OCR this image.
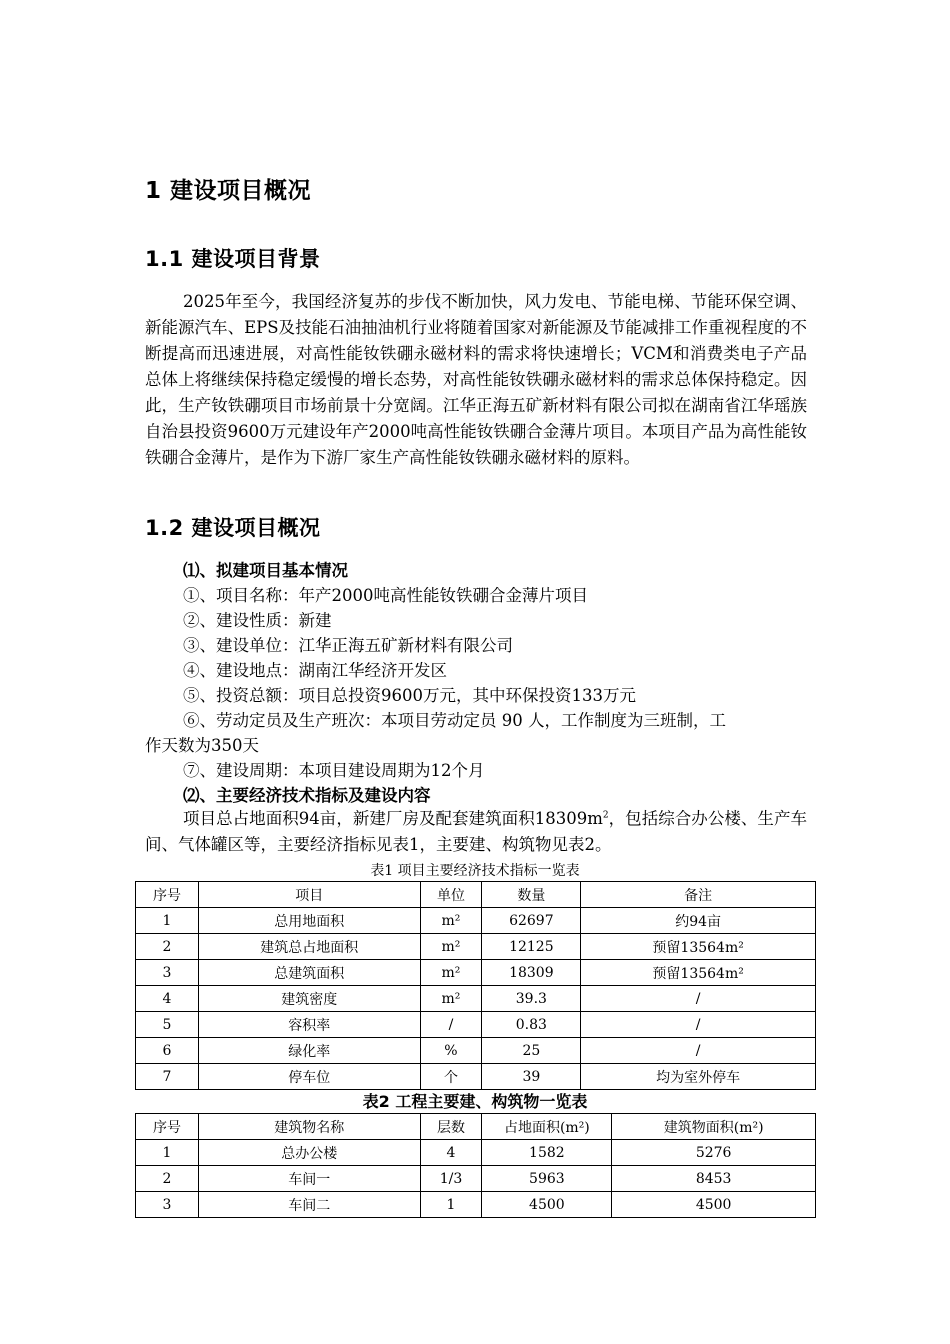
1 建设项目概况
1.1 建设项目背景

2025年至今，我国经济复苏的步伐不断加快，风力发电、节能电梯、节能环保空调、新能源汽车、EPS及技能石油抽油机行业将随着国家对新能源及节能减排工作重视程度的不断提高而迅速进展，对高性能钕铁硼永磁材料的需求将快速增长；VCM和消费类电子产品总体上将继续保持稳定缓慢的增长态势，对高性能钕铁硼永磁材料的需求总体保持稳定。因此，生产钕铁硼项目市场前景十分宽阔。江华正海五矿新材料有限公司拟在湖南省江华瑶族自治县投资9600万元建设年产2000吨高性能钕铁硼合金薄片项目。本项目产品为高性能钕铁硼合金薄片，是作为下游厂家生产高性能钕铁硼永磁材料的原料。

1.2 建设项目概况
⑴、拟建项目基本情况
①、项目名称：年产2000吨高性能钕铁硼合金薄片项目
②、建设性质：新建
③、建设单位：江华正海五矿新材料有限公司
④、建设地点：湖南江华经济开发区
⑤、投资总额：项目总投资9600万元，其中环保投资133万元
⑥、劳动定员及生产班次：本项目劳动定员 90 人，工作制度为三班制，工
作天数为350天
⑦、建设周期：本项目建设周期为12个月
⑵、主要经济技术指标及建设内容

项目总占地面积94亩，新建厂房及配套建筑面积$18309m^2$，包括综合办公楼、生产车间、气体罐区等，主要经济指标见表1，主要建、构筑物见表2。

表1 项目主要经济技术指标一览表
序号	项目	单位	数量	备注
1	总用地面积	m²	62697	约94亩
2	建筑总占地面积	m²	12125	预留13564m²
3	总建筑面积	m²	18309	预留13564m²
4	建筑密度	m²	39.3	/
5	容积率	/	0.83	/
6	绿化率	%	25	/
7	停车位	个	39	均为室外停车
表2 工程主要建、构筑物一览表
序号	建筑物名称	层数	占地面积(m²)	建筑物面积(m²)
1	总办公楼	4	1582	5276
2	车间一	1/3	5963	8453
3	车间二	1	4500	4500
